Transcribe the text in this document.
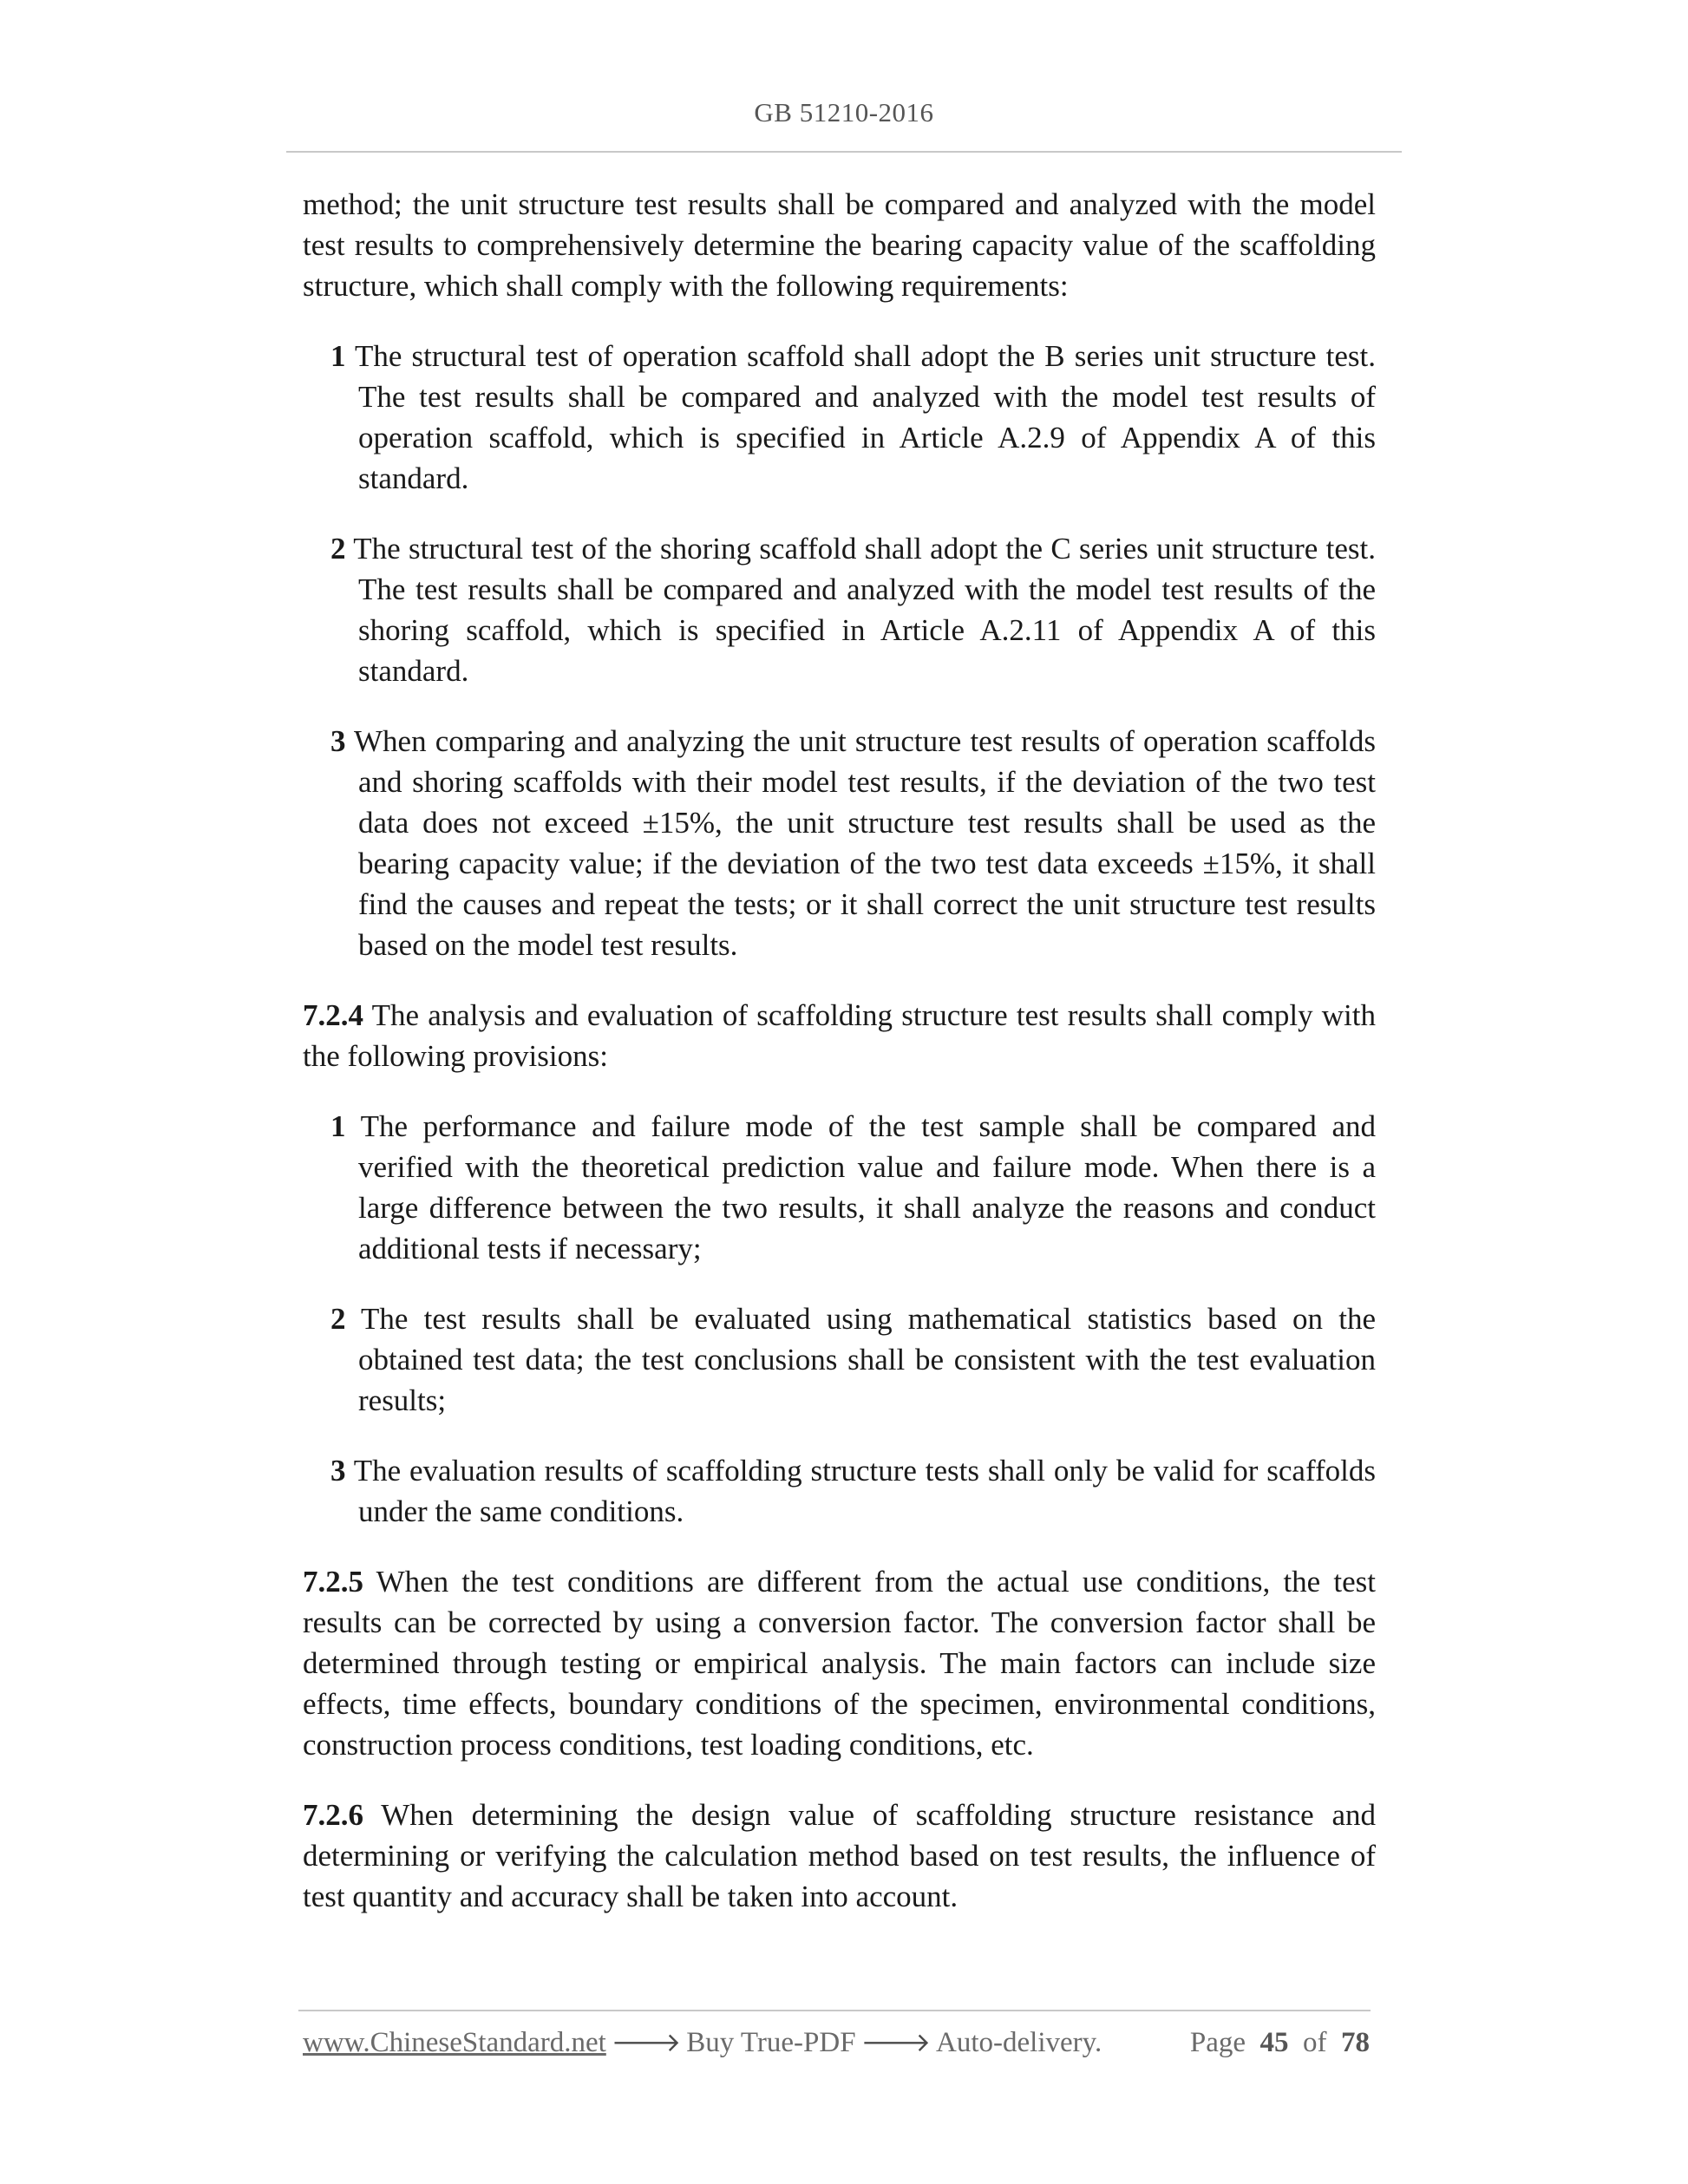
GB 51210-2016

method; the unit structure test results shall be compared and analyzed with the model test results to comprehensively determine the bearing capacity value of the scaffolding structure, which shall comply with the following requirements:

1 The structural test of operation scaffold shall adopt the B series unit structure test. The test results shall be compared and analyzed with the model test results of operation scaffold, which is specified in Article A.2.9 of Appendix A of this standard.

2 The structural test of the shoring scaffold shall adopt the C series unit structure test. The test results shall be compared and analyzed with the model test results of the shoring scaffold, which is specified in Article A.2.11 of Appendix A of this standard.

3 When comparing and analyzing the unit structure test results of operation scaffolds and shoring scaffolds with their model test results, if the deviation of the two test data does not exceed ±15%, the unit structure test results shall be used as the bearing capacity value; if the deviation of the two test data exceeds ±15%, it shall find the causes and repeat the tests; or it shall correct the unit structure test results based on the model test results.

7.2.4 The analysis and evaluation of scaffolding structure test results shall comply with the following provisions:

1 The performance and failure mode of the test sample shall be compared and verified with the theoretical prediction value and failure mode. When there is a large difference between the two results, it shall analyze the reasons and conduct additional tests if necessary;

2 The test results shall be evaluated using mathematical statistics based on the obtained test data; the test conclusions shall be consistent with the test evaluation results;

3 The evaluation results of scaffolding structure tests shall only be valid for scaffolds under the same conditions.

7.2.5 When the test conditions are different from the actual use conditions, the test results can be corrected by using a conversion factor. The conversion factor shall be determined through testing or empirical analysis. The main factors can include size effects, time effects, boundary conditions of the specimen, environmental conditions, construction process conditions, test loading conditions, etc.

7.2.6 When determining the design value of scaffolding structure resistance and determining or verifying the calculation method based on test results, the influence of test quantity and accuracy shall be taken into account.

www.ChineseStandard.net 🡒 Buy True-PDF 🡒 Auto-delivery.	Page 45 of 78
